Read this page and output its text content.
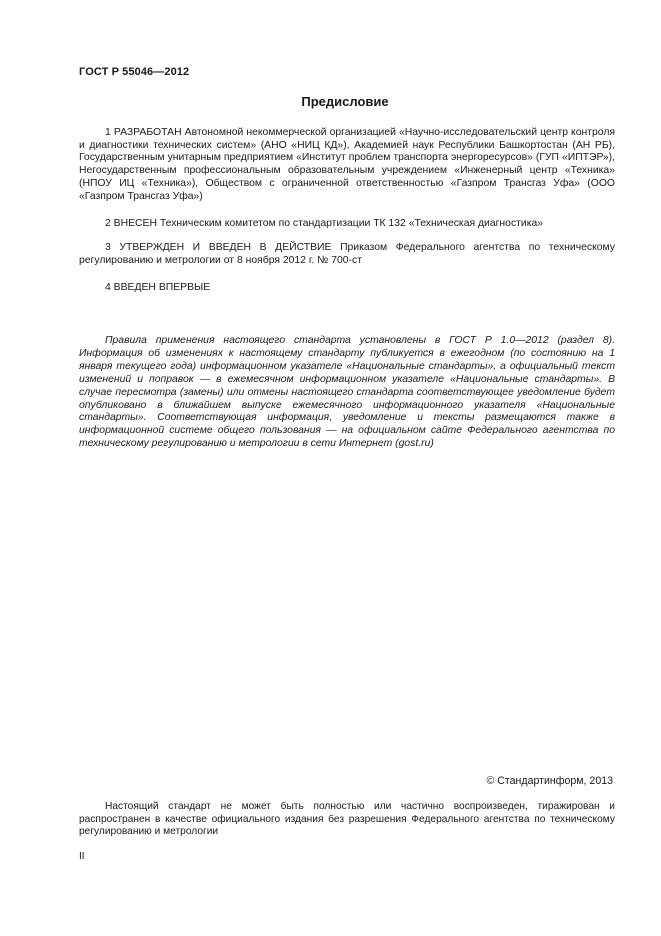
ГОСТ Р 55046—2012
Предисловие
1 РАЗРАБОТАН Автономной некоммерческой организацией «Научно-исследовательский центр контроля и диагностики технических систем» (АНО «НИЦ КД»), Академией наук Республики Башкортостан (АН РБ), Государственным унитарным предприятием «Институт проблем транспорта энергоресурсов» (ГУП «ИПТЭР»), Негосударственным профессиональным образовательным учреждением «Инженерный центр «Техника» (НПОУ ИЦ «Техника»), Обществом с ограниченной ответственностью «Газпром Трансгаз Уфа» (ООО «Газпром Трансгаз Уфа»)
2 ВНЕСЕН Техническим комитетом по стандартизации ТК 132 «Техническая диагностика»
3 УТВЕРЖДЕН И ВВЕДЕН В ДЕЙСТВИЕ Приказом Федерального агентства по техническому регулированию и метрологии от 8 ноября 2012 г. № 700-ст
4 ВВЕДЕН ВПЕРВЫЕ
Правила применения настоящего стандарта установлены в ГОСТ Р 1.0—2012 (раздел 8). Информация об изменениях к настоящему стандарту публикуется в ежегодном (по состоянию на 1 января текущего года) информационном указателе «Национальные стандарты», а официальный текст изменений и поправок — в ежемесячном информационном указателе «Национальные стандарты». В случае пересмотра (замены) или отмены настоящего стандарта соответствующее уведомление будет опубликовано в ближайшем выпуске ежемесячного информационного указателя «Национальные стандарты». Соответствующая информация, уведомление и тексты размещаются также в информационной системе общего пользования — на официальном сайте Федерального агентства по техническому регулированию и метрологии в сети Интернет (gost.ru)
© Стандартинформ, 2013
Настоящий стандарт не может быть полностью или частично воспроизведен, тиражирован и распространен в качестве официального издания без разрешения Федерального агентства по техническому регулированию и метрологии
II
